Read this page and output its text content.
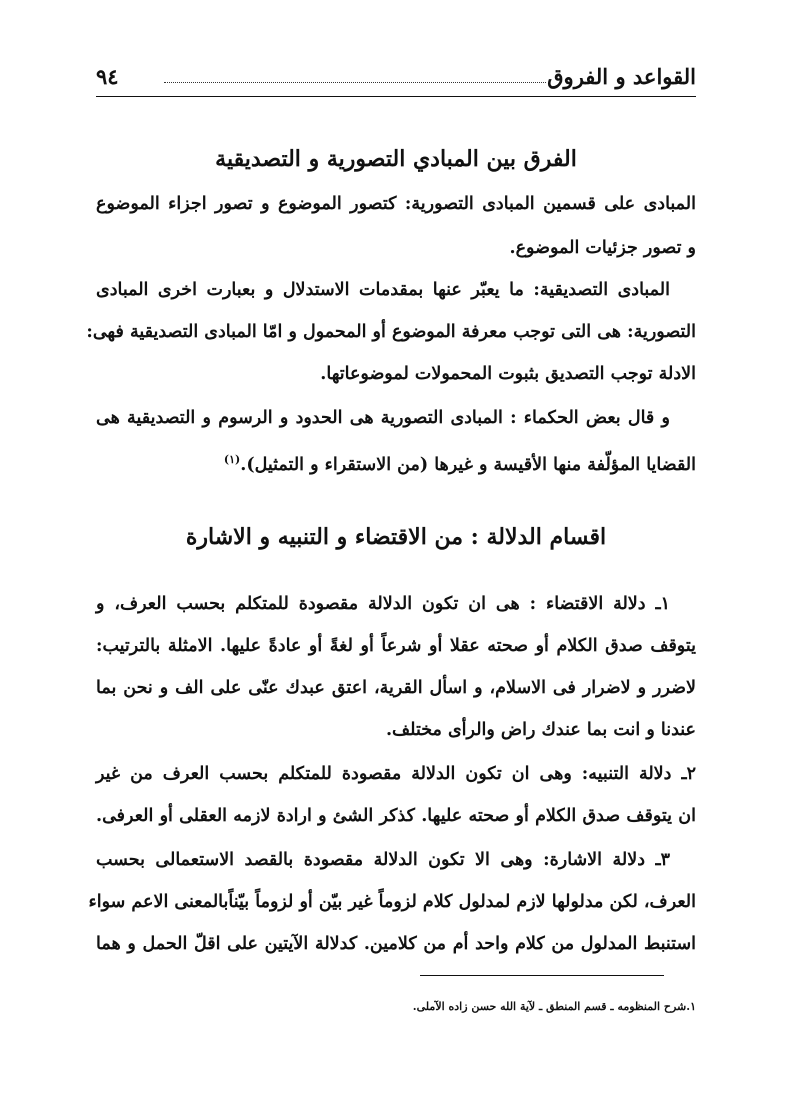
القواعد و الفروق
٩٤
الفرق بين المبادي التصورية و التصديقية
المبادى على قسمين المبادى التصورية: كتصور الموضوع و تصور اجزاء الموضوع
و تصور جزئيات الموضوع.
المبادى التصديقية: ما يعبّر عنها بمقدمات الاستدلال و بعبارت اخرى المبادى
التصورية: هى التى توجب معرفة الموضوع أو المحمول و امّا المبادى التصديقية فهى:
الادلة توجب التصديق بثبوت المحمولات لموضوعاتها.
و قال بعض الحكماء : المبادى التصورية هى الحدود و الرسوم و التصديقية هى
القضايا المؤلّفة منها الأقيسة و غيرها (من الاستقراء و التمثيل).$^{(١)}$
اقسام الدلالة : من الاقتضاء و التنبيه و الاشارة
١ـ دلالة الاقتضاء : هى ان تكون الدلالة مقصودة للمتكلم بحسب العرف، و
يتوقف صدق الكلام أو صحته عقلا أو شرعاً أو لغةً أو عادةً عليها. الامثلة بالترتيب:
لاضرر و لاضرار فى الاسلام، و اسأل القرية، اعتق عبدك عنّى على الف و نحن بما
عندنا و انت بما عندك راض والرأى مختلف.
٢ـ دلالة التنبيه: وهى ان تكون الدلالة مقصودة للمتكلم بحسب العرف من غير
ان يتوقف صدق الكلام أو صحته عليها. كذكر الشئ و ارادة لازمه العقلى أو العرفى.
٣ـ دلالة الاشارة: وهى الا تكون الدلالة مقصودة بالقصد الاستعمالى بحسب
العرف، لكن مدلولها لازم لمدلول كلام لزوماً غير بيّن أو لزوماً بيّناًبالمعنى الاعم سواء
استنبط المدلول من كلام واحد أم من كلامين. كدلالة الآيتين على اقلّ الحمل و هما
١.شرح المنظومه ـ قسم المنطق ـ لآية الله حسن زاده الآملى.
